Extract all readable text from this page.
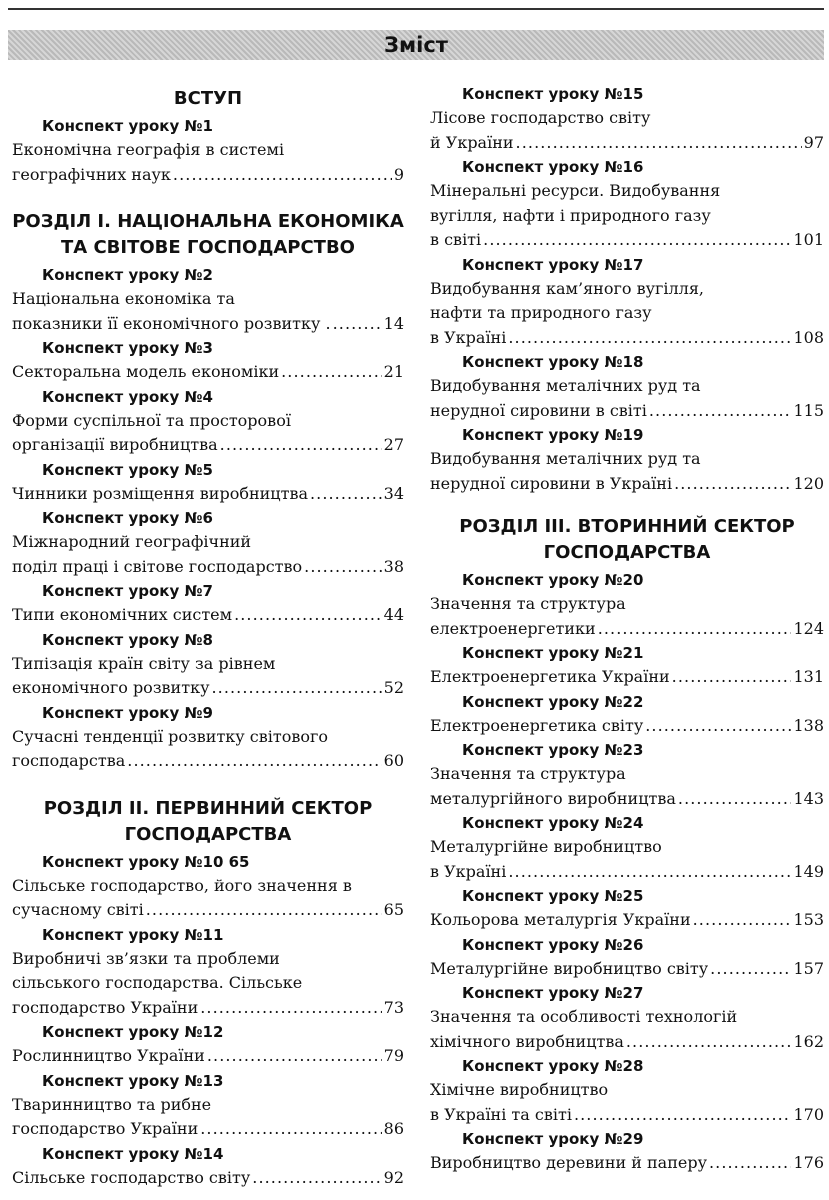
Зміст
ВСТУП
Конспект уроку №1
Економічна географія в системі
географічних наук . . .	9
РОЗДІЛ І. НАЦІОНАЛЬНА ЕКОНОМІКА
ТА СВІТОВЕ ГОСПОДАРСТВО
Конспект уроку №2
Національна економіка та
показники її економічного розвитку . . . .	14
Конспект уроку №3
Секторальна модель економіки . . .	21
Конспект уроку №4
Форми суспільної та просторової
організації виробництва . . .	27
Конспект уроку №5
Чинники розміщення виробництва . . .	34
Конспект уроку №6
Міжнародний географічний
поділ праці і світове господарство . . .	38
Конспект уроку №7
Типи економічних систем . . .	44
Конспект уроку №8
Типізація країн світу за рівнем
економічного розвитку . . .	52
Конспект уроку №9
Сучасні тенденції розвитку світового
господарства . . .	60
РОЗДІЛ ІІ. ПЕРВИННИЙ СЕКТОР
ГОСПОДАРСТВА
Конспект уроку №10 65
Сільське господарство, його значення в
сучасному світі . . .	65
Конспект уроку №11
Виробничі зв’язки та проблеми
сільського господарства. Сільське
господарство України . . .	73
Конспект уроку №12
Рослинництво України . . .	79
Конспект уроку №13
Тваринництво та рибне
господарство України . . .	86
Конспект уроку №14
Сільське господарство світу . . .	92
Конспект уроку №15
Лісове господарство світу
й України . . .	97
Конспект уроку №16
Мінеральні ресурси. Видобування
вугілля, нафти і природного газу
в світі . . .	101
Конспект уроку №17
Видобування кам’яного вугілля,
нафти та природного газу
в Україні . . .	108
Конспект уроку №18
Видобування металічних руд та
нерудної сировини в світі . . .	115
Конспект уроку №19
Видобування металічних руд та
нерудної сировини в Україні . . .	120
РОЗДІЛ ІІІ. ВТОРИННИЙ СЕКТОР
ГОСПОДАРСТВА
Конспект уроку №20
Значення та структура
електроенергетики . . .	124
Конспект уроку №21
Електроенергетика України . . .	131
Конспект уроку №22
Електроенергетика світу . . .	138
Конспект уроку №23
Значення та структура
металургійного виробництва . . .	143
Конспект уроку №24
Металургійне виробництво
в Україні . . .	149
Конспект уроку №25
Кольорова металургія України . . .	153
Конспект уроку №26
Металургійне виробництво світу . . .	157
Конспект уроку №27
Значення та особливості технологій
хімічного виробництва . . .	162
Конспект уроку №28
Хімічне виробництво
в Україні та світі . . .	170
Конспект уроку №29
Виробництво деревини й паперу . . .	176
